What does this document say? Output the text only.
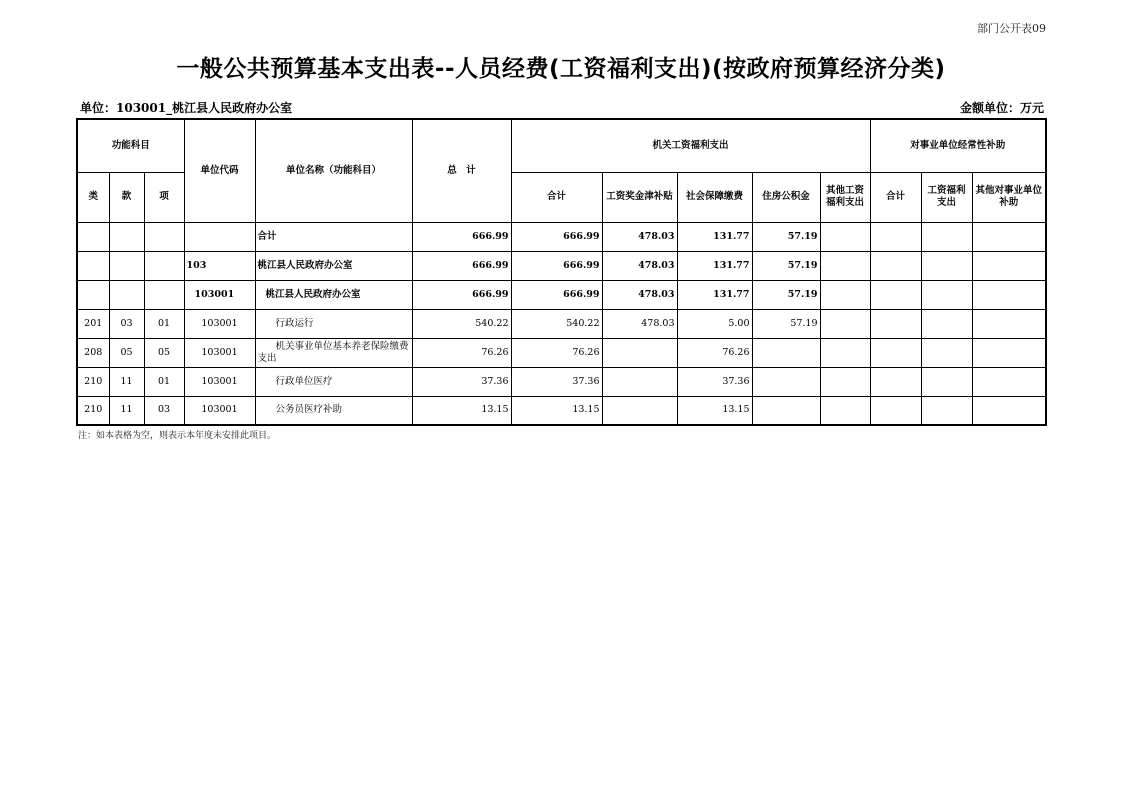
部门公开表09
一般公共预算基本支出表--人员经费(工资福利支出)(按政府预算经济分类)
单位：103001_桃江县人民政府办公室	金额单位：万元
功能科目			单位代码	单位名称（功能科目）	总　计	机关工资福利支出					对事业单位经常性补助		
类	款	项				合计	工资奖金津补贴	社会保障缴费	住房公积金	其他工资福利支出	合计	工资福利支出	其他对事业单位补助
				合计	666.99	666.99	478.03	131.77	57.19				
			103	桃江县人民政府办公室	666.99	666.99	478.03	131.77	57.19				
			103001	桃江县人民政府办公室	666.99	666.99	478.03	131.77	57.19				
201	03	01	103001	行政运行	540.22	540.22	478.03	5.00	57.19				
208	05	05	103001	机关事业单位基本养老保险缴费支出	76.26	76.26		76.26					
210	11	01	103001	行政单位医疗	37.36	37.36		37.36					
210	11	03	103001	公务员医疗补助	13.15	13.15		13.15					
注：如本表格为空，则表示本年度未安排此项目。
